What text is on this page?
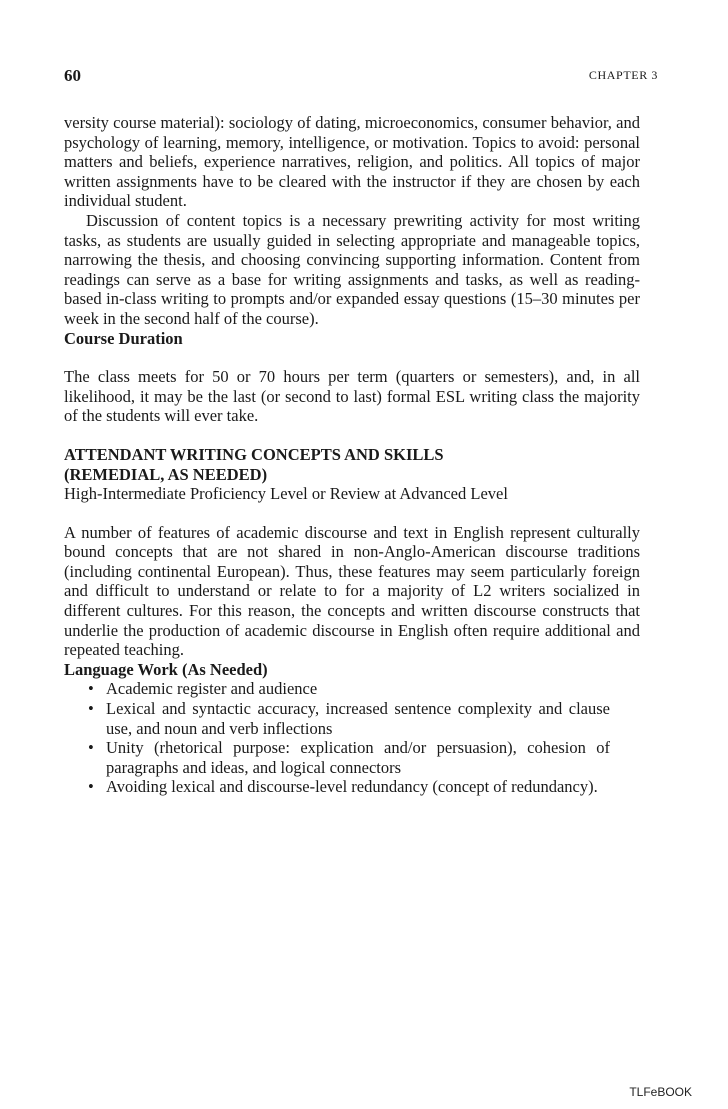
60	CHAPTER 3

versity course material): sociology of dating, microeconomics, consumer behavior, and psychology of learning, memory, intelligence, or motivation. Topics to avoid: personal matters and beliefs, experience narratives, religion, and politics. All topics of major written assignments have to be cleared with the instructor if they are chosen by each individual student.

Discussion of content topics is a necessary prewriting activity for most writing tasks, as students are usually guided in selecting appropriate and manageable topics, narrowing the thesis, and choosing convincing supporting information. Content from readings can serve as a base for writing assignments and tasks, as well as reading-based in-class writing to prompts and/or expanded essay questions (15–30 minutes per week in the second half of the course).

Course Duration

The class meets for 50 or 70 hours per term (quarters or semesters), and, in all likelihood, it may be the last (or second to last) formal ESL writing class the majority of the students will ever take.

ATTENDANT WRITING CONCEPTS AND SKILLS
(REMEDIAL, AS NEEDED)
High-Intermediate Proficiency Level or Review at Advanced Level

A number of features of academic discourse and text in English represent culturally bound concepts that are not shared in non-Anglo-American discourse traditions (including continental European). Thus, these features may seem particularly foreign and difficult to understand or relate to for a majority of L2 writers socialized in different cultures. For this reason, the concepts and written discourse constructs that underlie the production of academic discourse in English often require additional and repeated teaching.

Language Work (As Needed)
• Academic register and audience
• Lexical and syntactic accuracy, increased sentence complexity and clause use, and noun and verb inflections
• Unity (rhetorical purpose: explication and/or persuasion), cohesion of paragraphs and ideas, and logical connectors
• Avoiding lexical and discourse-level redundancy (concept of redundancy).
TLFeBOOK
